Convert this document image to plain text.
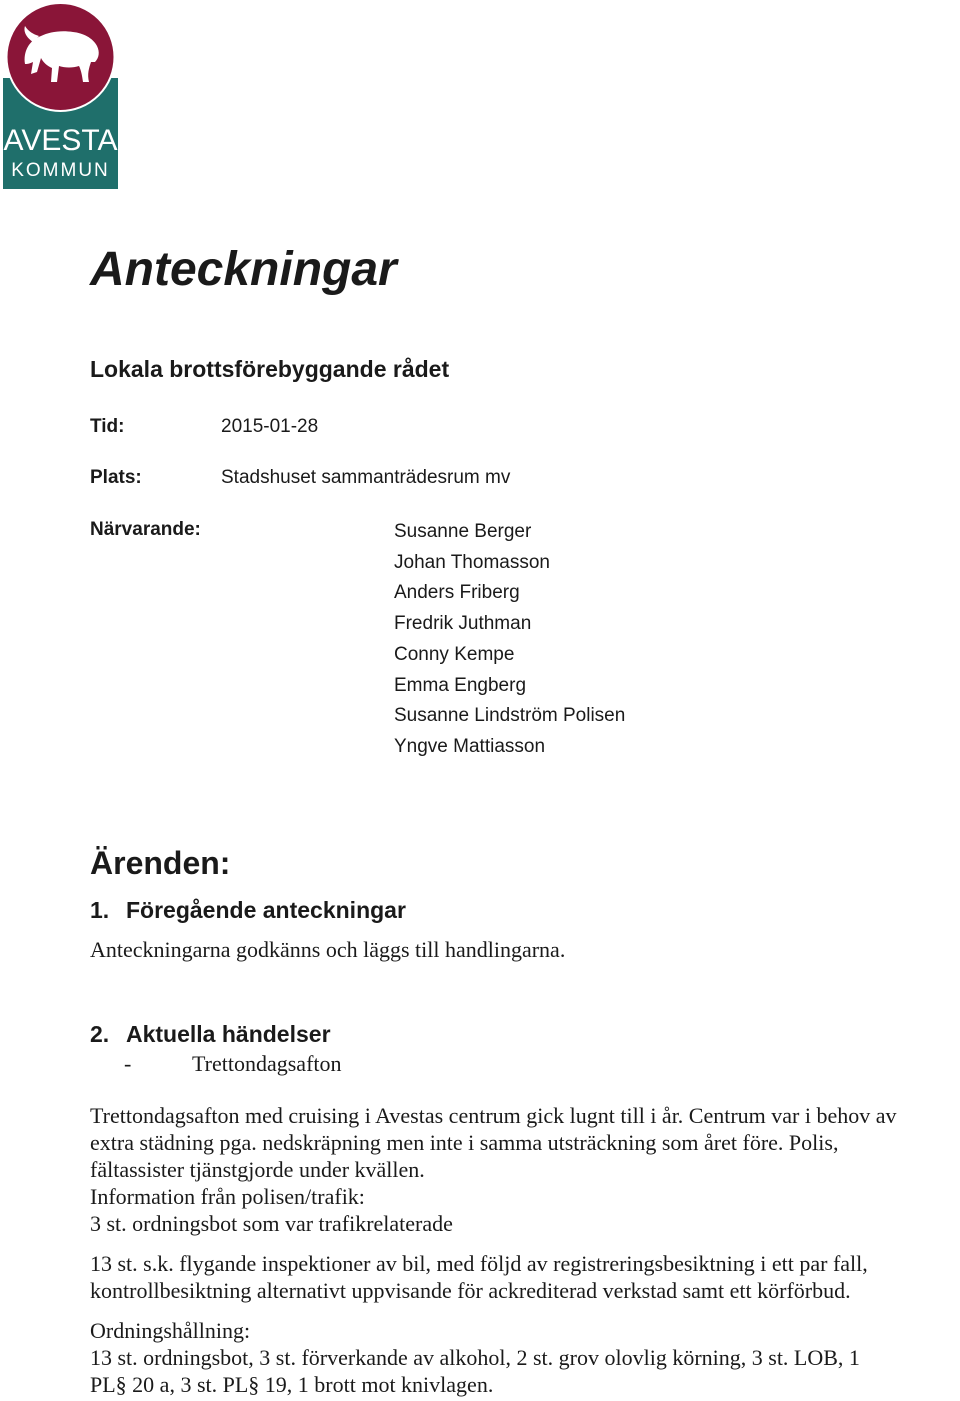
AVESTA
KOMMUN
Anteckningar
Lokala brottsförebyggande rådet
Tid:	2015-01-28
Plats:	Stadshuset sammanträdesrum mv
Närvarande:	Susanne Berger
Johan Thomasson
Anders Friberg
Fredrik Juthman
Conny Kempe
Emma Engberg
Susanne Lindström Polisen
Yngve Mattiasson
Ärenden:
1. Föregående anteckningar

Anteckningarna godkänns och läggs till handlingarna.

2. Aktuella händelser
-	Trettondagsafton

Trettondagsafton med cruising i Avestas centrum gick lugnt till i år. Centrum var i behov av

extra städning pga. nedskräpning men inte i samma utsträckning som året före. Polis,

fältassister tjänstgjorde under kvällen.

Information från polisen/trafik:

3 st. ordningsbot som var trafikrelaterade

13 st. s.k. flygande inspektioner av bil, med följd av registreringsbesiktning i ett par fall,

kontrollbesiktning alternativt uppvisande för ackrediterad verkstad samt ett körförbud.

Ordningshållning:

13 st. ordningsbot, 3 st. förverkande av alkohol, 2 st. grov olovlig körning, 3 st. LOB, 1

PL§ 20 a, 3 st. PL§ 19, 1 brott mot knivlagen.
